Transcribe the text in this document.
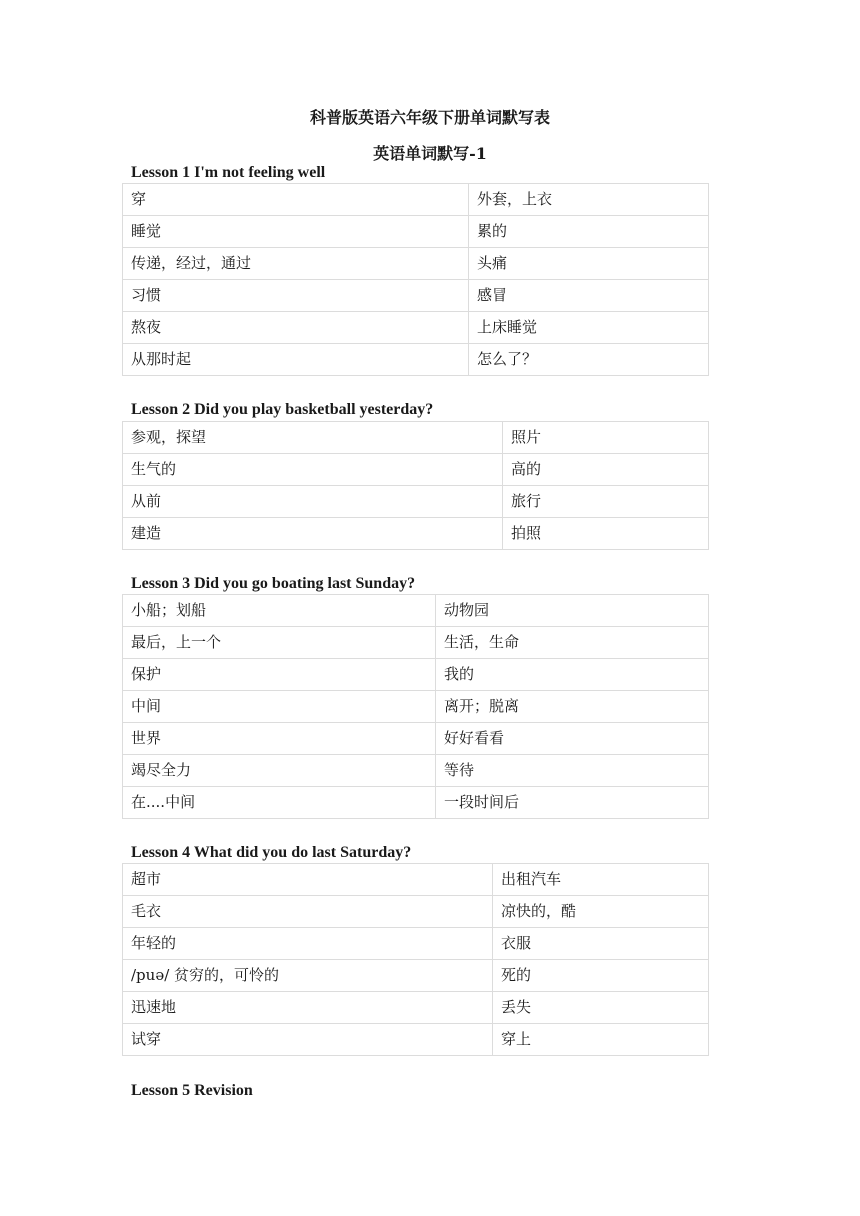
科普版英语六年级下册单词默写表

英语单词默写-1

Lesson 1 I'm not feeling well

穿	外套，上衣
睡觉	累的
传递，经过，通过	头痛
习惯	感冒
熬夜	上床睡觉
从那时起	怎么了？

Lesson 2 Did you play basketball yesterday?

参观，探望	照片
生气的	高的
从前	旅行
建造	拍照

Lesson 3 Did you go boating last Sunday?

小船；划船	动物园
最后，上一个	生活，生命
保护	我的
中间	离开；脱离
世界	好好看看
竭尽全力	等待
在....中间	一段时间后

Lesson 4 What did you do last Saturday?

超市	出租汽车
毛衣	凉快的，酷
年轻的	衣服
/puə/ 贫穷的，可怜的	死的
迅速地	丢失
试穿	穿上

Lesson 5 Revision
